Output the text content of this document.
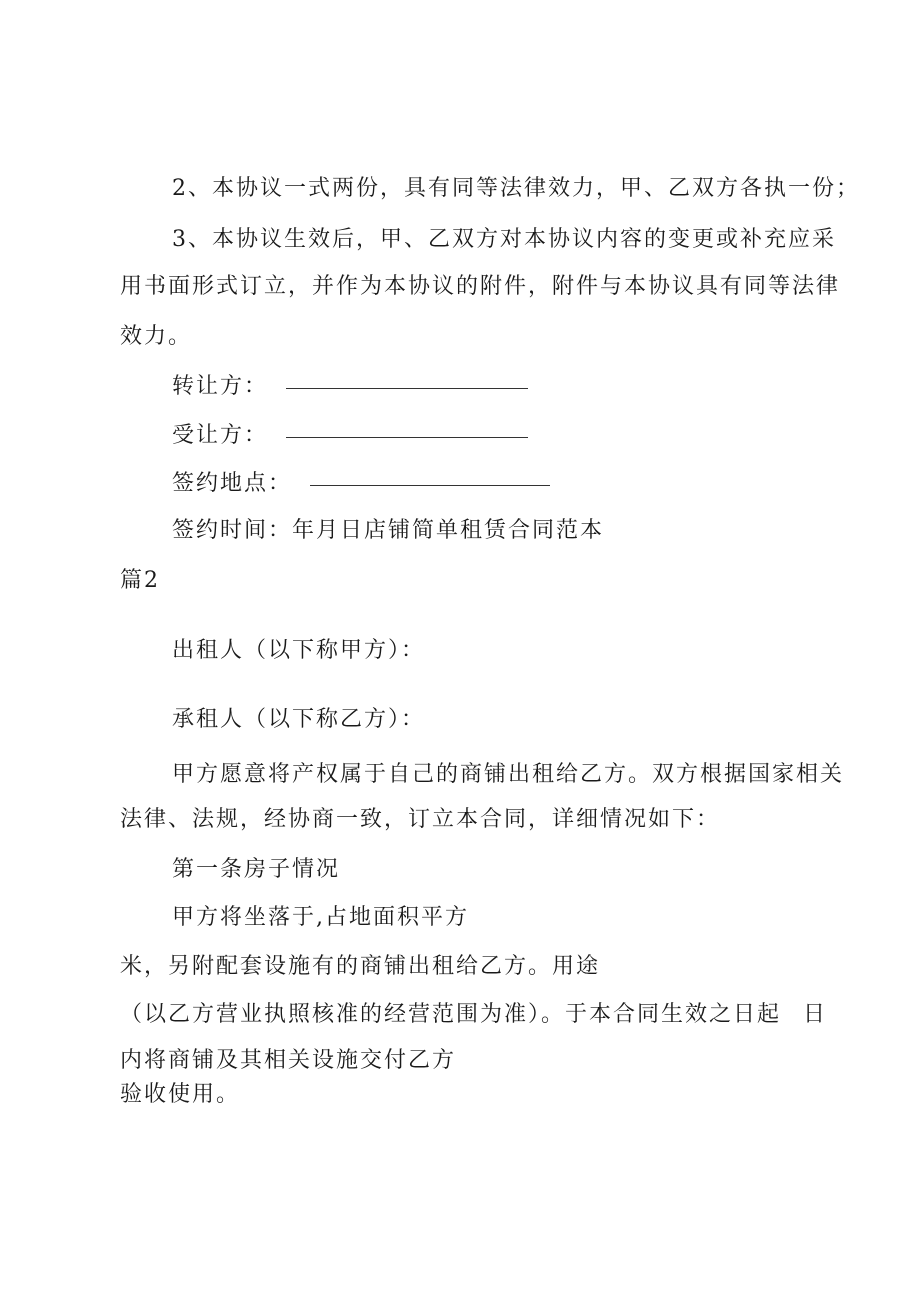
2、本协议一式两份，具有同等法律效力，甲、乙双方各执一份；
3、本协议生效后，甲、乙双方对本协议内容的变更或补充应采
用书面形式订立，并作为本协议的附件，附件与本协议具有同等法律
效力。
转让方：
受让方：
签约地点：
签约时间：年月日店铺简单租赁合同范本
篇2
出租人（以下称甲方）：
承租人（以下称乙方）：
甲方愿意将产权属于自己的商铺出租给乙方。双方根据国家相关
法律、法规，经协商一致，订立本合同，详细情况如下：
第一条房子情况
甲方将坐落于,占地面积平方
米，另附配套设施有的商铺出租给乙方。用途
（以乙方营业执照核准的经营范围为准）。于本合同生效之日起 日
内将商铺及其相关设施交付乙方
验收使用。
